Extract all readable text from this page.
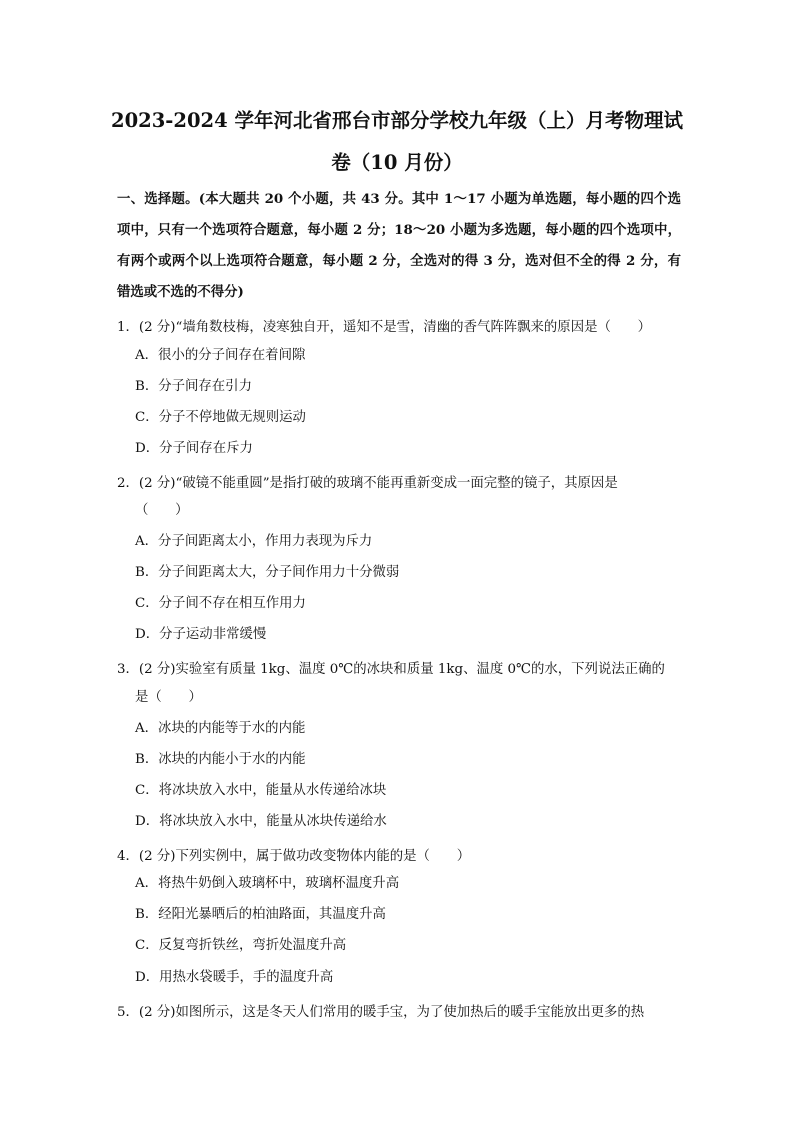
2023-2024 学年河北省邢台市部分学校九年级（上）月考物理试
卷（10 月份）
一、选择题。(本大题共 20 个小题，共 43 分。其中 1～17 小题为单选题，每小题的四个选项中，只有一个选项符合题意，每小题 2 分；18～20 小题为多选题，每小题的四个选项中，有两个或两个以上选项符合题意，每小题 2 分，全选对的得 3 分，选对但不全的得 2 分，有错选或不选的不得分)
1．(2 分)“墙角数枝梅，凌寒独自开，遥知不是雪，清幽的香气阵阵飘来的原因是（　　）
A．很小的分子间存在着间隙
B．分子间存在引力
C．分子不停地做无规则运动
D．分子间存在斥力
2．(2 分)“破镜不能重圆”是指打破的玻璃不能再重新变成一面完整的镜子，其原因是
（　　）
A．分子间距离太小，作用力表现为斥力
B．分子间距离太大，分子间作用力十分微弱
C．分子间不存在相互作用力
D．分子运动非常缓慢
3．(2 分)实验室有质量 1kg、温度 0℃的冰块和质量 1kg、温度 0℃的水，下列说法正确的
是（　　）
A．冰块的内能等于水的内能
B．冰块的内能小于水的内能
C．将冰块放入水中，能量从水传递给冰块
D．将冰块放入水中，能量从冰块传递给水
4．(2 分)下列实例中，属于做功改变物体内能的是（　　）
A．将热牛奶倒入玻璃杯中，玻璃杯温度升高
B．经阳光暴晒后的柏油路面，其温度升高
C．反复弯折铁丝，弯折处温度升高
D．用热水袋暖手，手的温度升高
5．(2 分)如图所示，这是冬天人们常用的暖手宝，为了使加热后的暖手宝能放出更多的热
